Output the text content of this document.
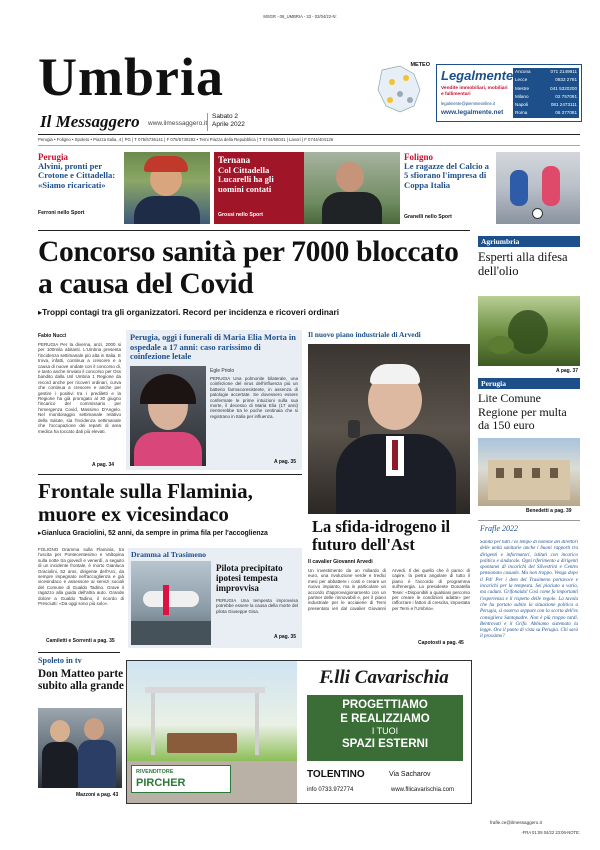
MSGR - 06_UMBRIA - 33 - 02/04/22-N:
Umbria
Il Messaggero www.ilmessaggero.it
Sabato 2
Aprile 2022
METEO
Legalmente
Vendite immobiliari, mobiliari e fallimentari
legalmente@piemmeonline.it
www.legalmente.net
Ancona	071 2149811
Lecce	0832 2781
Mestre	041 5320200
Milano	02 757091
Napoli	081 2473111
Roma	06 377081
Perugia • Foligno • Spoleto • Piazza Italia, 4 | PG | T 075/5736141 | F 075/5730282 • Terni Piazza della Repubblica | T 0744/58041 | Lavori | F 0744/404126
Perugia
Alvini, pronti per Crotone e Cittadella: «Siamo ricaricati»
Ferroni nello Sport
Ternana
Col Cittadella Lucarelli ha gli uomini contati
Grossi nello Sport
Foligno
Le ragazze del Calcio a 5 sfiorano l'impresa di Coppa Italia
Granelli nello Sport
Concorso sanità per 7000 bloccato a causa del Covid
▸Troppi contagi tra gli organizzatori. Record per incidenza e ricoveri ordinari
Fabio Nucci
PERUGIA Per la diverna, anzi, 2000 si per 100mila abitanti. L'Umbria presenta l'incidenza settimanale più alta in Italia. E trova, infatti, continua a crescere e a causa di nuove ondate con il concorso di, e tanto anche rinviato il concorso per Oss bandito dalla Usl Umbria 1 Regione da record anche per ricoveri ordinari, curva che continua a crescere e anche per gestire i positivi tra i prediletti e la Regione ha già prorogato al 30 giugno l'incarico del commissario per l'emergenza Covid, Massimo D'Angelo. Nel monitoraggio settimanale relativo della Salute, sia l'incidenza settimanale che l'occupazione dei reparti di area medica ha toccato dati più elevati.
A pag. 34
Perugia, oggi i funerali di Maria Elia Morta in ospedale a 17 anni: caso rarissimo di coinfezione letale
Egle Priolo
PERUGIA Una polmonite bilaterale, una coinfezione del virus dell'influenza più un batterio farmacoresistente, in assenza di patologie accertate. Se dovessero essere confermate le prime intuizioni sulla sua morte, il decesso di Maria Elia (17 anni) rientrerebbe tra le poche centinaia che si registrano in Italia per influenza.
A pag. 35
Il nuovo piano industriale di Arvedi
La sfida-idrogeno il futuro dell'Ast
Il cavalier Giovanni Arvedi
Un investimento da un miliardo di euro, una rivoluzione verde e tredici mesi per abbattere i costi e creare un nuovo impianto, ma in particolare un accordo d'approvvigionamento con un partner delle rinnovabili e, per il piano industriale per le acciaierie di Terni presentato ieri dal cavalier Giovanni Arvedi. Il dei quello che è parso: di capire, la pietra angolare di tutto il piano è l'accordo di programma sull'energia. La presidente Donatella Tesei: «Disponibili a qualsiasi percorso per creare le condizioni adatte» per rafforzare i fattori di crescita, impostata per Terni e l'Umbria».
Capotosti a pag. 45
Frontale sulla Flaminia, muore ex vicesindaco
▸Gianluca Graciolini, 52 anni, da sempre in prima fila per l'accoglienza
FOLIGNO Dramma sulla Flaminia, tra l'uscita per Pontecentesimo e Valtopina sulla notte tra giovedì e venerdì, a seguito di un incidente frontale, è morto Gianluca Graciolini, 52 anni, dirigente dell'Arci, da sempre impegnato nell'accoglienza e già vicesindaco e assessore ai servizi sociali del Comune di Gualdo Tadino. Grave il ragazzo alla guida dell'altra auto. Grande dolore a Gualdo Tadino, il ricordo di Presciutti: «Da oggi sono più solo».
Camiletti e Sorrenti a pag. 35
Dramma al Trasimeno
Pilota precipitato ipotesi tempesta improvvisa
PERUGIA Una tempesta improvvisa potrebbe essere la causa della morte del pilota Giuseppe Gisa.
A pag. 35
Agriumbria
Esperti alla difesa dell'olio
A pag. 37
Perugia
Lite Comune Regione per multa da 150 euro
Benedetti a pag. 39
Frafle 2022
Sanità per tutti / Io tempo di nomine dei direttori delle unità sanitarie anche i buoni rapporti tra dirigenti e informatori, istituti con incarico politico e sindacale. Ogni riferimento a dirigenti spontanei di incarichi del Silvestrini e Centro pensionato casuale. Ma non troppo. Venga dopo il Pd! Per i dem del Trasimeno portavoce e incarichi per la tempesta. Sei piaciuto a vario, ma caduto. Grifonaida! Così come fa importanti l'esperienza e il rispetto delle regole. La tavola che ha portato subito la situazione politica a Perugia, si osserva seppure con la scorta dell'ex consigliera Santopadre. Non è più troppo tardi. Bentrovati e il Grifo. Abbiamo sistemato la legge. Ora il punto di vista su Perugia. Chi sarà il prossimo?
frafle.ce@ilmessaggero.it
Spoleto in tv
Don Matteo parte subito alla grande
Mazzoni a pag. 43
RIVENDITORE
PIRCHER
F.lli Cavarischia
PROGETTIAMO
E REALIZZIAMO
I TUOI
SPAZI ESTERNI
TOLENTINO	Via Sacharov
info 0733.972774	www.fllicavarischia.com
-FRA 01:08 04/22 23:06-NOTE:
